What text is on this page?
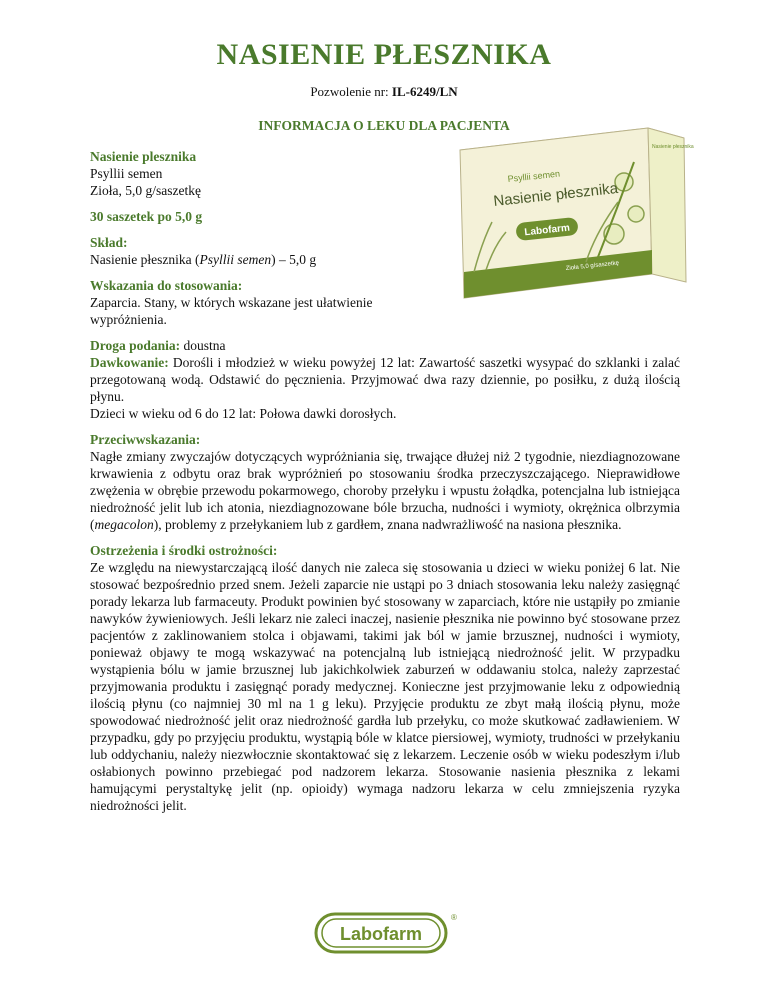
NASIENIE PŁESZNIKA
Pozwolenie nr: IL-6249/LN
INFORMACJA O LEKU DLA PACJENTA
Labofarm
Psyllii semen
Nasienie płesznika
Zioła 5,0 g/saszetkę
Nasienie płesznika

Nasienie plesznika

Psyllii semen

Zioła, 5,0 g/saszetkę

30 saszetek po 5,0 g

Skład:

Nasienie płesznika (Psyllii semen) – 5,0 g

Wskazania do stosowania:

Zaparcia. Stany, w których wskazane jest ułatwienie

wypróżnienia.

Droga podania: doustna

Dawkowanie: Dorośli i młodzież w wieku powyżej 12 lat: Zawartość saszetki wysypać do szklanki i zalać przegotowaną wodą. Odstawić do pęcznienia. Przyjmować dwa razy dziennie, po posiłku, z dużą ilością płynu.

Dzieci w wieku od 6 do 12 lat: Połowa dawki dorosłych.

Przeciwwskazania:

Nagłe zmiany zwyczajów dotyczących wypróżniania się, trwające dłużej niż 2 tygodnie, niezdiagnozowane krwawienia z odbytu oraz brak wypróżnień po stosowaniu środka przeczyszczającego. Nieprawidłowe zwężenia w obrębie przewodu pokarmowego, choroby przełyku i wpustu żołądka, potencjalna lub istniejąca niedrożność jelit lub ich atonia, niezdiagnozowane bóle brzucha, nudności i wymioty, okrężnica olbrzymia (megacolon), problemy z przełykaniem lub z gardłem, znana nadwrażliwość na nasiona płesznika.

Ostrzeżenia i środki ostrożności:

Ze względu na niewystarczającą ilość danych nie zaleca się stosowania u dzieci w wieku poniżej 6 lat. Nie stosować bezpośrednio przed snem. Jeżeli zaparcie nie ustąpi po 3 dniach stosowania leku należy zasięgnąć porady lekarza lub farmaceuty. Produkt powinien być stosowany w zaparciach, które nie ustąpiły po zmianie nawyków żywieniowych. Jeśli lekarz nie zaleci inaczej, nasienie płesznika nie powinno być stosowane przez pacjentów z zaklinowaniem stolca i objawami, takimi jak ból w jamie brzusznej, nudności i wymioty, ponieważ objawy te mogą wskazywać na potencjalną lub istniejącą niedrożność jelit. W przypadku wystąpienia bólu w jamie brzusznej lub jakichkolwiek zaburzeń w oddawaniu stolca, należy zaprzestać przyjmowania produktu i zasięgnąć porady medycznej. Konieczne jest przyjmowanie leku z odpowiednią ilością płynu (co najmniej 30 ml na 1 g leku). Przyjęcie produktu ze zbyt małą ilością płynu, może spowodować niedrożność jelit oraz niedrożność gardła lub przełyku, co może skutkować zadławieniem. W przypadku, gdy po przyjęciu produktu, wystąpią bóle w klatce piersiowej, wymioty, trudności w przełykaniu lub oddychaniu, należy niezwłocznie skontaktować się z lekarzem. Leczenie osób w wieku podeszłym i/lub osłabionych powinno przebiegać pod nadzorem lekarza. Stosowanie nasienia płesznika z lekami hamującymi perystaltykę jelit (np. opioidy) wymaga nadzoru lekarza w celu zmniejszenia ryzyka niedrożności jelit.

Labofarm
®
